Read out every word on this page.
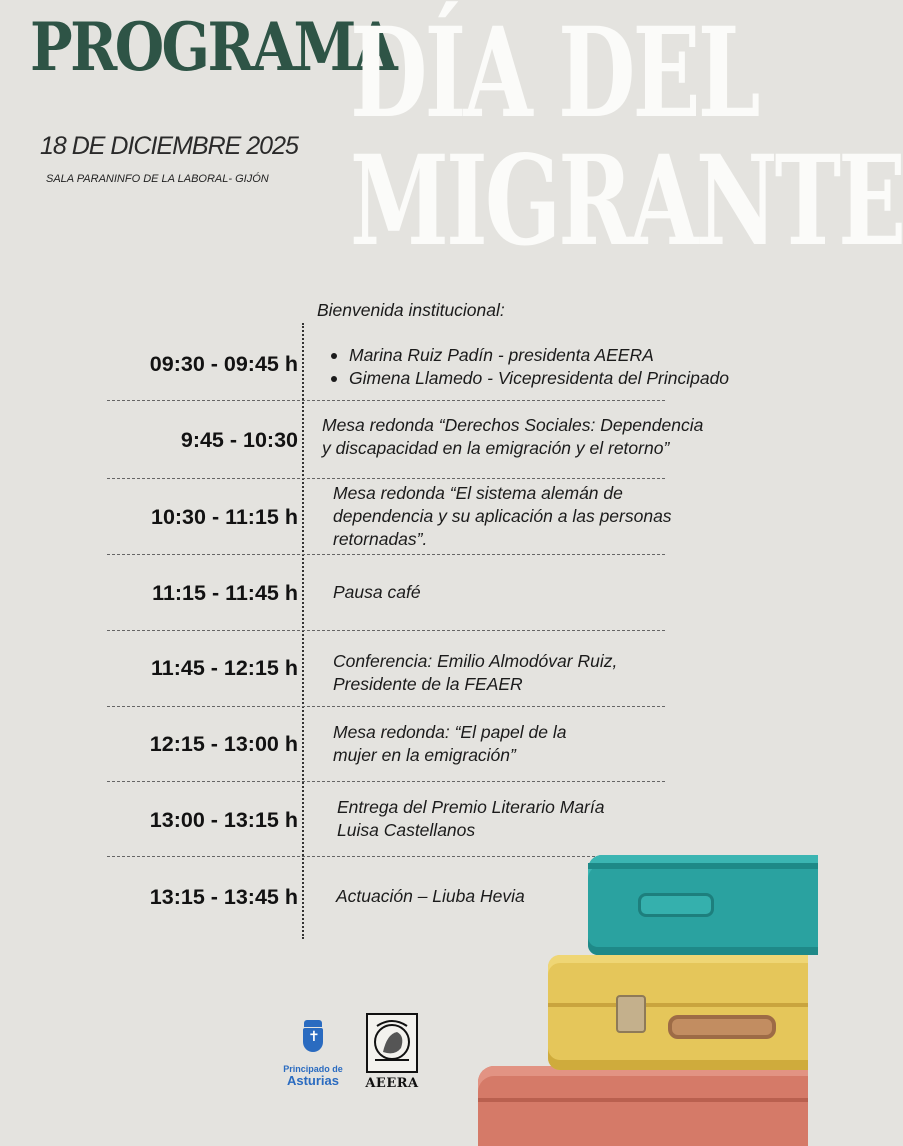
PROGRAMA
18 DE DICIEMBRE 2025
SALA PARANINFO DE LA LABORAL- GIJÓN
DÍA DEL
MIGRANTE
Bienvenida institucional:
09:30 - 09:45 h	Marina Ruiz Padín - presidenta AEERA
Gimena Llamedo - Vicepresidenta del Principado
9:45 - 10:30
Mesa redonda “Derechos Sociales: Dependencia
y discapacidad en la emigración y el retorno”
10:30 - 11:15 h
Mesa redonda “El sistema alemán de
dependencia y su aplicación a las personas
retornadas”.
11:15 - 11:45 h Pausa café
11:45 - 12:15 h Conferencia: Emilio Almodóvar Ruiz,
Presidente de la FEAER
12:15 - 13:00 h Mesa redonda: “El papel de la
mujer en la emigración”
13:00 - 13:15 h
Entrega del Premio Literario María
Luisa Castellanos
13:15 - 13:45 h Actuación – Liuba Hevia
✝
Principado de
Asturias	AEERA
